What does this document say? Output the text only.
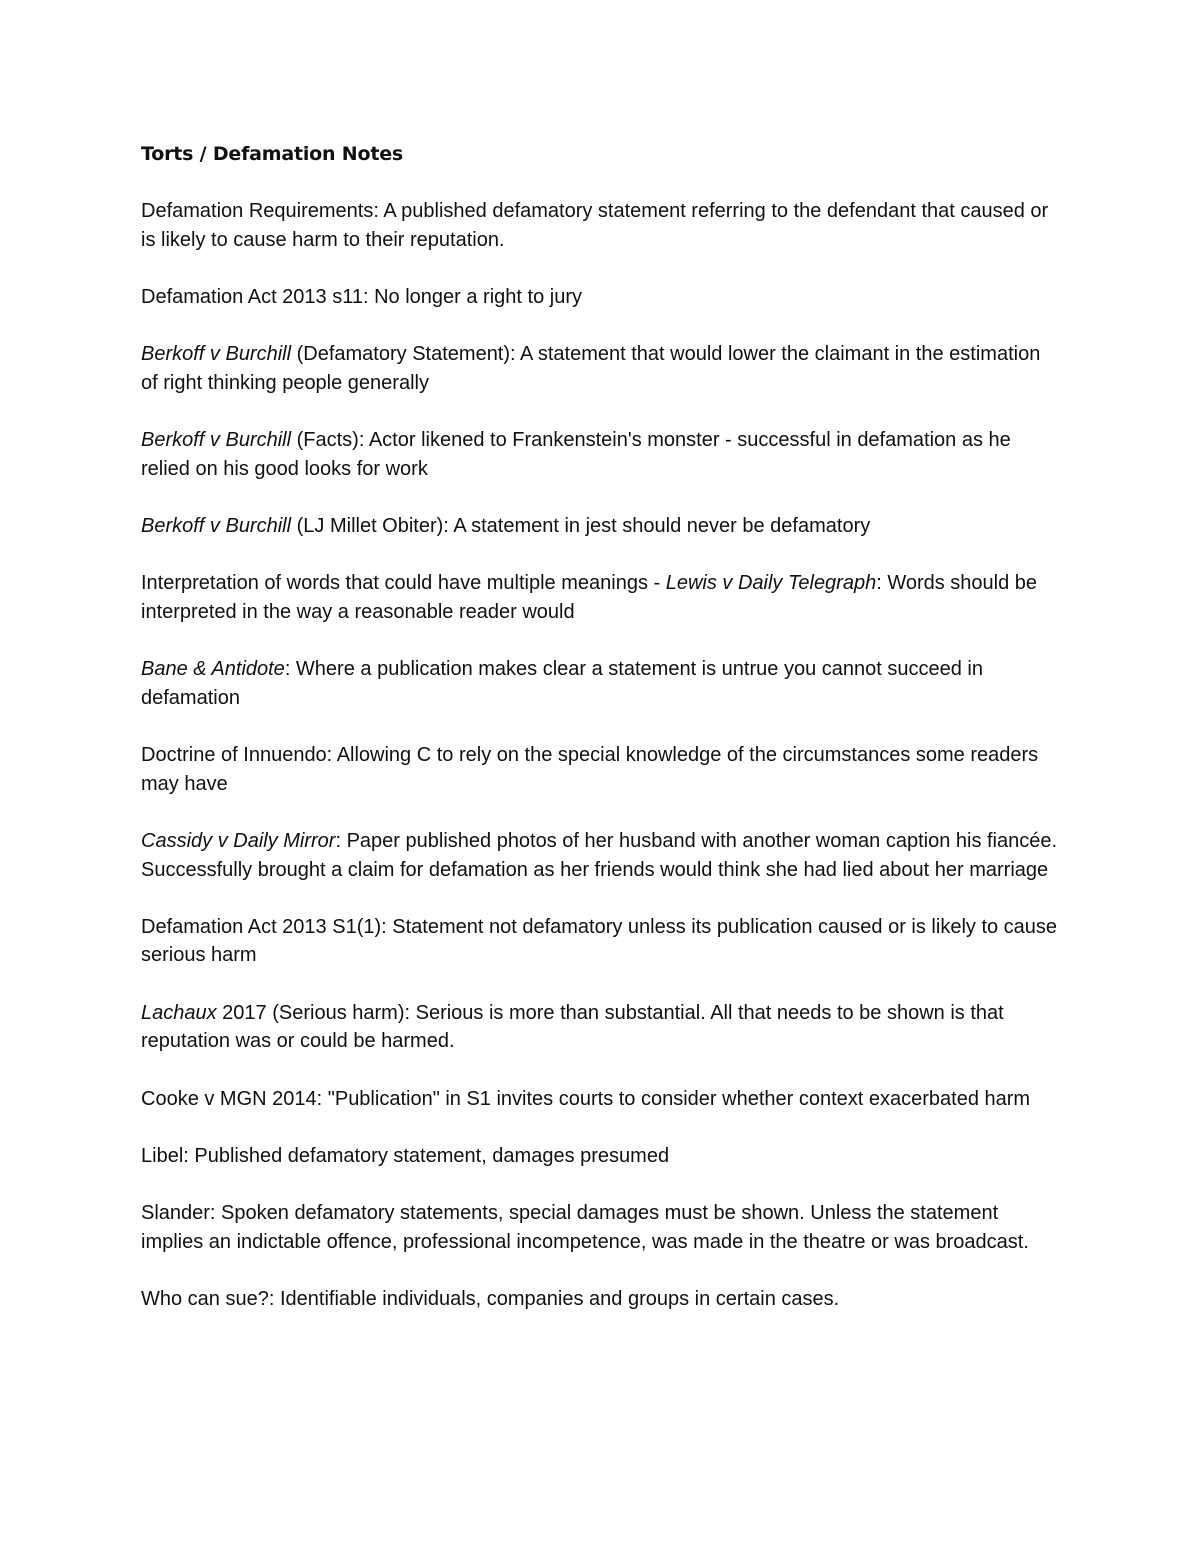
Torts / Defamation Notes
Defamation Requirements: A published defamatory statement referring to the defendant that caused or is likely to cause harm to their reputation.
Defamation Act 2013 s11: No longer a right to jury
Berkoff v Burchill (Defamatory Statement): A statement that would lower the claimant in the estimation of right thinking people generally
Berkoff v Burchill (Facts): Actor likened to Frankenstein's monster - successful in defamation as he relied on his good looks for work
Berkoff v Burchill (LJ Millet Obiter): A statement in jest should never be defamatory
Interpretation of words that could have multiple meanings - Lewis v Daily Telegraph: Words should be interpreted in the way a reasonable reader would
Bane & Antidote: Where a publication makes clear a statement is untrue you cannot succeed in defamation
Doctrine of Innuendo: Allowing C to rely on the special knowledge of the circumstances some readers may have
Cassidy v Daily Mirror: Paper published photos of her husband with another woman caption his fiancée. Successfully brought a claim for defamation as her friends would think she had lied about her marriage
Defamation Act 2013 S1(1): Statement not defamatory unless its publication caused or is likely to cause serious harm
Lachaux 2017 (Serious harm): Serious is more than substantial. All that needs to be shown is that reputation was or could be harmed.
Cooke v MGN 2014: "Publication" in S1 invites courts to consider whether context exacerbated harm
Libel: Published defamatory statement, damages presumed
Slander: Spoken defamatory statements, special damages must be shown. Unless the statement implies an indictable offence, professional incompetence, was made in the theatre or was broadcast.
Who can sue?: Identifiable individuals, companies and groups in certain cases.
